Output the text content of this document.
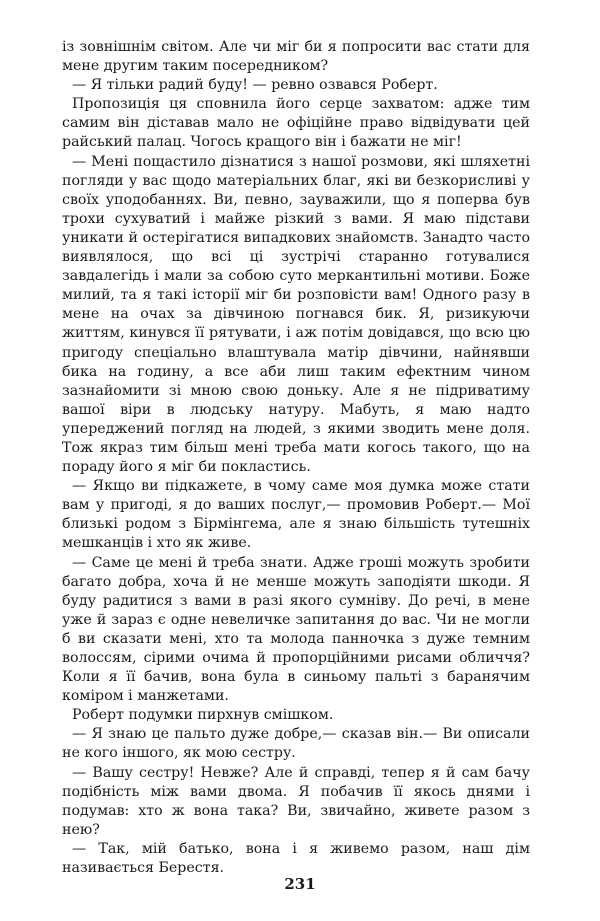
із зовнішнім світом. Але чи міг би я попросити вас стати для мене другим таким посередником?

— Я тільки радий буду! — ревно озвався Роберт.

Пропозиція ця сповнила його серце захватом: адже тим самим він діставав мало не офіційне право відвідувати цей райський палац. Чогось кращого він і бажати не міг!

— Мені пощастило дізнатися з нашої розмови, які шляхетні погляди у вас щодо матеріальних благ, які ви безкорисливі у своїх уподобаннях. Ви, певно, зауважили, що я поперва був трохи сухуватий і майже різкий з вами. Я маю підстави уникати й остерігатися випадкових знайомств. Занадто часто виявлялося, що всі ці зустрічі старанно готувалися завдалегідь і мали за собою суто меркантильні мотиви. Боже милий, та я такі історії міг би розповісти вам! Одного разу в мене на очах за дівчиною погнався бик. Я, ризикуючи життям, кинувся її рятувати, і аж потім довідався, що всю цю пригоду спеціально влаштувала матір дівчини, найнявши бика на годину, а все аби лиш таким ефектним чином зазнайомити зі мною свою доньку. Але я не підриватиму вашої віри в людську натуру. Мабуть, я маю надто упереджений погляд на людей, з якими зводить мене доля. Тож якраз тим більш мені треба мати когось такого, що на пораду його я міг би покластись.

— Якщо ви підкажете, в чому саме моя думка може стати вам у пригоді, я до ваших послуг,— промовив Роберт.— Мої близькі родом з Бірмінгема, але я знаю більшість тутешніх мешканців і хто як живе.

— Саме це мені й треба знати. Адже гроші можуть зробити багато добра, хоча й не менше можуть заподіяти шкоди. Я буду радитися з вами в разі якого сумніву. До речі, в мене уже й зараз є одне невеличке запитання до вас. Чи не могли б ви сказати мені, хто та молода панночка з дуже темним волоссям, сірими очима й пропорційними рисами обличчя? Коли я її бачив, вона була в синьому пальті з баранячим коміром і манжетами.

Роберт подумки пирхнув смішком.

— Я знаю це пальто дуже добре,— сказав він.— Ви описали не кого іншого, як мою сестру.

— Вашу сестру! Невже? Але й справді, тепер я й сам бачу подібність між вами двома. Я побачив її якось днями і подумав: хто ж вона така? Ви, звичайно, живете разом з нею?

— Так, мій батько, вона і я живемо разом, наш дім називається Берестя.

231
